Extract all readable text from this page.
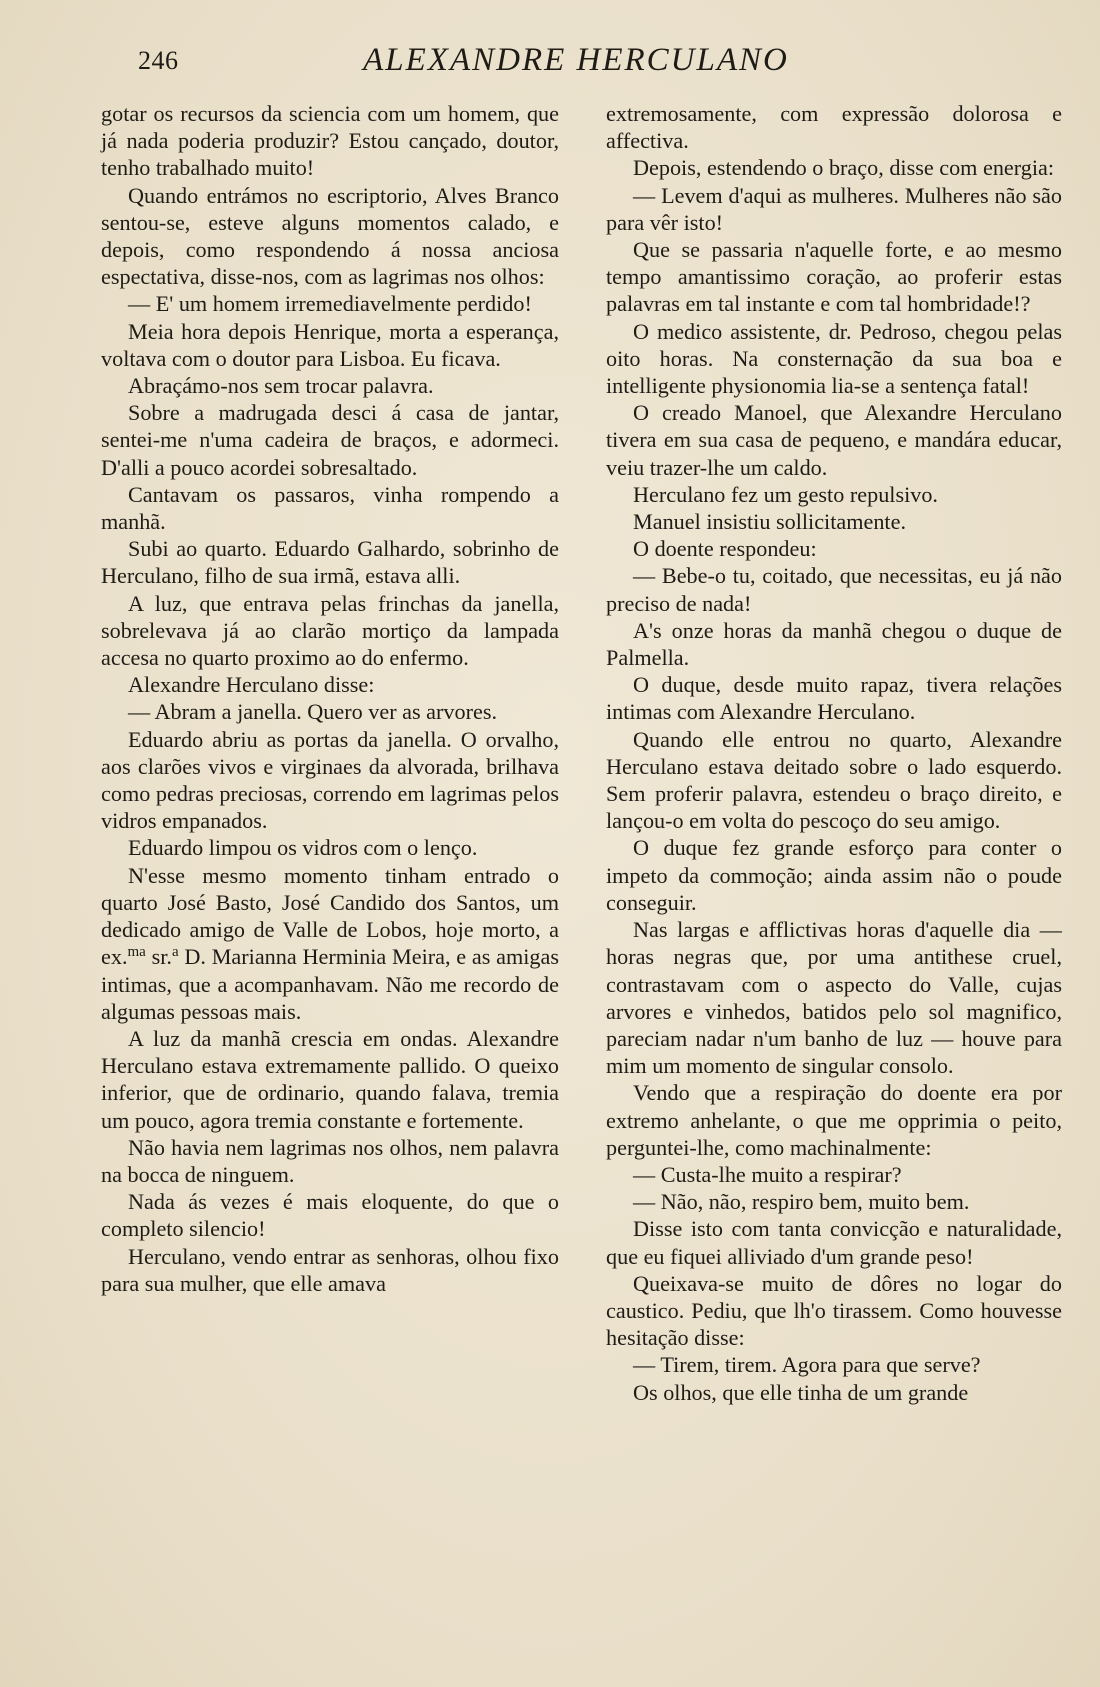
246	ALEXANDRE HERCULANO

gotar os recursos da sciencia com um homem, que já nada poderia produzir? Estou cançado, doutor, tenho trabalhado muito!

Quando entrámos no escriptorio, Alves Branco sentou-se, esteve alguns momentos calado, e depois, como respondendo á nossa anciosa espectativa, disse-nos, com as lagrimas nos olhos:

— E' um homem irremediavelmente perdido!

Meia hora depois Henrique, morta a esperança, voltava com o doutor para Lisboa. Eu ficava.

Abraçámo-nos sem trocar palavra.

Sobre a madrugada desci á casa de jantar, sentei-me n'uma cadeira de braços, e adormeci. D'alli a pouco acordei sobresaltado.

Cantavam os passaros, vinha rompendo a manhã.

Subi ao quarto. Eduardo Galhardo, sobrinho de Herculano, filho de sua irmã, estava alli.

A luz, que entrava pelas frinchas da janella, sobrelevava já ao clarão mortiço da lampada accesa no quarto proximo ao do enfermo.

Alexandre Herculano disse:

— Abram a janella. Quero ver as arvores.

Eduardo abriu as portas da janella. O orvalho, aos clarões vivos e virginaes da alvorada, brilhava como pedras preciosas, correndo em lagrimas pelos vidros empanados.

Eduardo limpou os vidros com o lenço.

N'esse mesmo momento tinham entrado o quarto José Basto, José Candido dos Santos, um dedicado amigo de Valle de Lobos, hoje morto, a ex.$^{ma}$ sr.$^a$ D. Marianna Herminia Meira, e as amigas intimas, que a acompanhavam. Não me recordo de algumas pessoas mais.

A luz da manhã crescia em ondas. Alexandre Herculano estava extremamente pallido. O queixo inferior, que de ordinario, quando falava, tremia um pouco, agora tremia constante e fortemente.

Não havia nem lagrimas nos olhos, nem palavra na bocca de ninguem.

Nada ás vezes é mais eloquente, do que o completo silencio!

Herculano, vendo entrar as senhoras, olhou fixo para sua mulher, que elle amava

extremosamente, com expressão dolorosa e affectiva.

Depois, estendendo o braço, disse com energia:

— Levem d'aqui as mulheres. Mulheres não são para vêr isto!

Que se passaria n'aquelle forte, e ao mesmo tempo amantissimo coração, ao proferir estas palavras em tal instante e com tal hombridade!?

O medico assistente, dr. Pedroso, chegou pelas oito horas. Na consternação da sua boa e intelligente physionomia lia-se a sentença fatal!

O creado Manoel, que Alexandre Herculano tivera em sua casa de pequeno, e mandára educar, veiu trazer-lhe um caldo.

Herculano fez um gesto repulsivo.

Manuel insistiu sollicitamente.

O doente respondeu:

— Bebe-o tu, coitado, que necessitas, eu já não preciso de nada!

A's onze horas da manhã chegou o duque de Palmella.

O duque, desde muito rapaz, tivera relações intimas com Alexandre Herculano.

Quando elle entrou no quarto, Alexandre Herculano estava deitado sobre o lado esquerdo. Sem proferir palavra, estendeu o braço direito, e lançou-o em volta do pescoço do seu amigo.

O duque fez grande esforço para conter o impeto da commoção; ainda assim não o poude conseguir.

Nas largas e afflictivas horas d'aquelle dia — horas negras que, por uma antithese cruel, contrastavam com o aspecto do Valle, cujas arvores e vinhedos, batidos pelo sol magnifico, pareciam nadar n'um banho de luz — houve para mim um momento de singular consolo.

Vendo que a respiração do doente era por extremo anhelante, o que me opprimia o peito, perguntei-lhe, como machinalmente:

— Custa-lhe muito a respirar?

— Não, não, respiro bem, muito bem.

Disse isto com tanta convicção e naturalidade, que eu fiquei alliviado d'um grande peso!

Queixava-se muito de dôres no logar do caustico. Pediu, que lh'o tirassem. Como houvesse hesitação disse:

— Tirem, tirem. Agora para que serve?

Os olhos, que elle tinha de um grande
